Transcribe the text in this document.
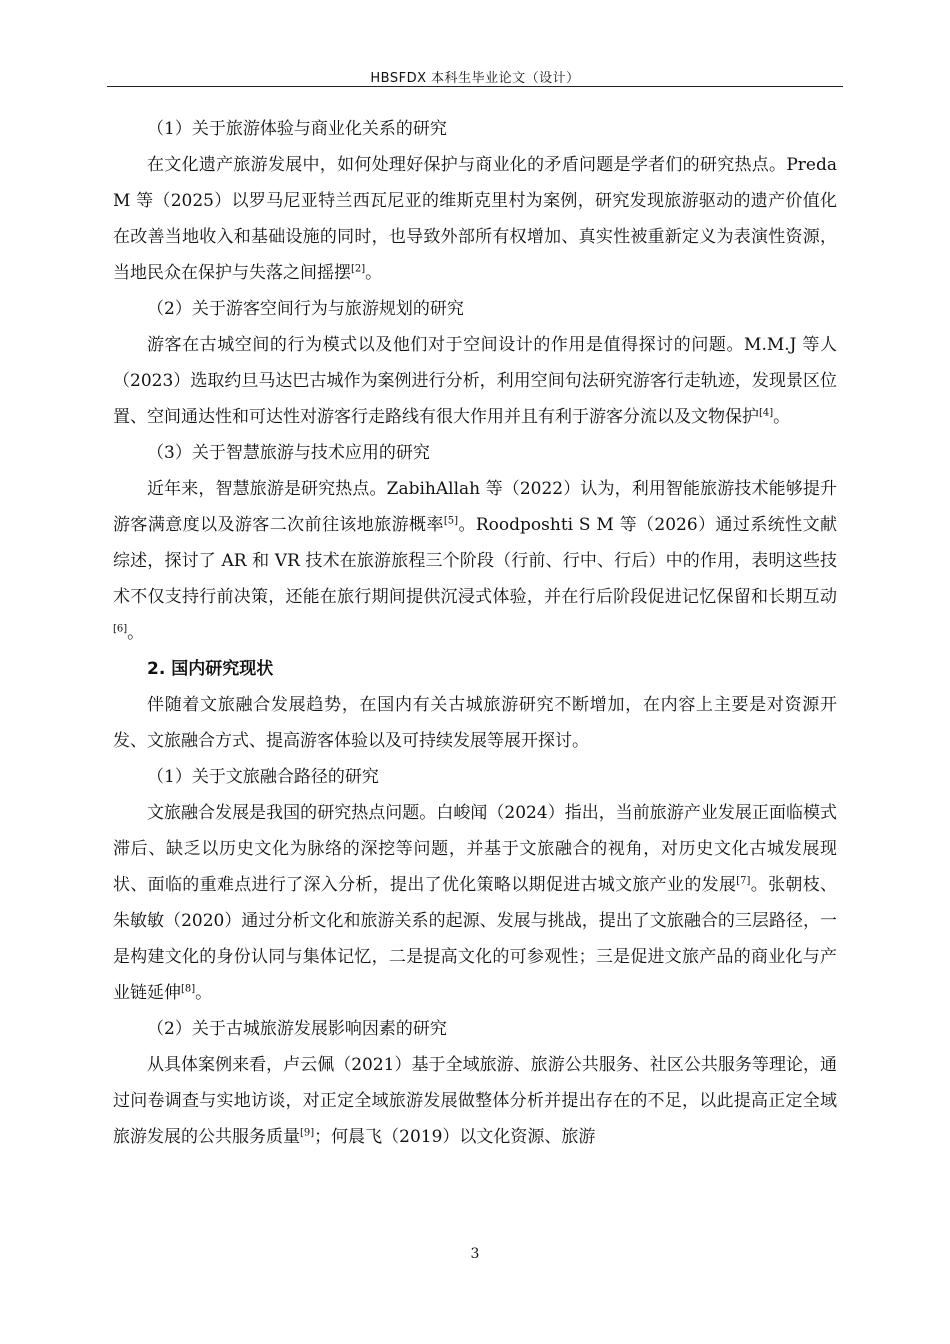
HBSFDX 本科生毕业论文（设计）

（1）关于旅游体验与商业化关系的研究

在文化遗产旅游发展中，如何处理好保护与商业化的矛盾问题是学者们的研究热点。Preda M 等（2025）以罗马尼亚特兰西瓦尼亚的维斯克里村为案例，研究发现旅游驱动的遗产价值化在改善当地收入和基础设施的同时，也导致外部所有权增加、真实性被重新定义为表演性资源，当地民众在保护与失落之间摇摆[2]。

（2）关于游客空间行为与旅游规划的研究

游客在古城空间的行为模式以及他们对于空间设计的作用是值得探讨的问题。M.M.J 等人（2023）选取约旦马达巴古城作为案例进行分析，利用空间句法研究游客行走轨迹，发现景区位置、空间通达性和可达性对游客行走路线有很大作用并且有利于游客分流以及文物保护[4]。

（3）关于智慧旅游与技术应用的研究

近年来，智慧旅游是研究热点。ZabihAllah 等（2022）认为，利用智能旅游技术能够提升游客满意度以及游客二次前往该地旅游概率[5]。Roodposhti S M 等（2026）通过系统性文献综述，探讨了 AR 和 VR 技术在旅游旅程三个阶段（行前、行中、行后）中的作用，表明这些技术不仅支持行前决策，还能在旅行期间提供沉浸式体验，并在行后阶段促进记忆保留和长期互动[6]。

2. 国内研究现状

伴随着文旅融合发展趋势，在国内有关古城旅游研究不断增加，在内容上主要是对资源开发、文旅融合方式、提高游客体验以及可持续发展等展开探讨。

（1）关于文旅融合路径的研究

文旅融合发展是我国的研究热点问题。白峻闻（2024）指出，当前旅游产业发展正面临模式滞后、缺乏以历史文化为脉络的深挖等问题，并基于文旅融合的视角，对历史文化古城发展现状、面临的重难点进行了深入分析，提出了优化策略以期促进古城文旅产业的发展[7]。张朝枝、朱敏敏（2020）通过分析文化和旅游关系的起源、发展与挑战，提出了文旅融合的三层路径，一是构建文化的身份认同与集体记忆，二是提高文化的可参观性；三是促进文旅产品的商业化与产业链延伸[8]。

（2）关于古城旅游发展影响因素的研究

从具体案例来看，卢云佩（2021）基于全域旅游、旅游公共服务、社区公共服务等理论，通过问卷调查与实地访谈，对正定全域旅游发展做整体分析并提出存在的不足，以此提高正定全域旅游发展的公共服务质量[9]；何晨飞（2019）以文化资源、旅游

3
